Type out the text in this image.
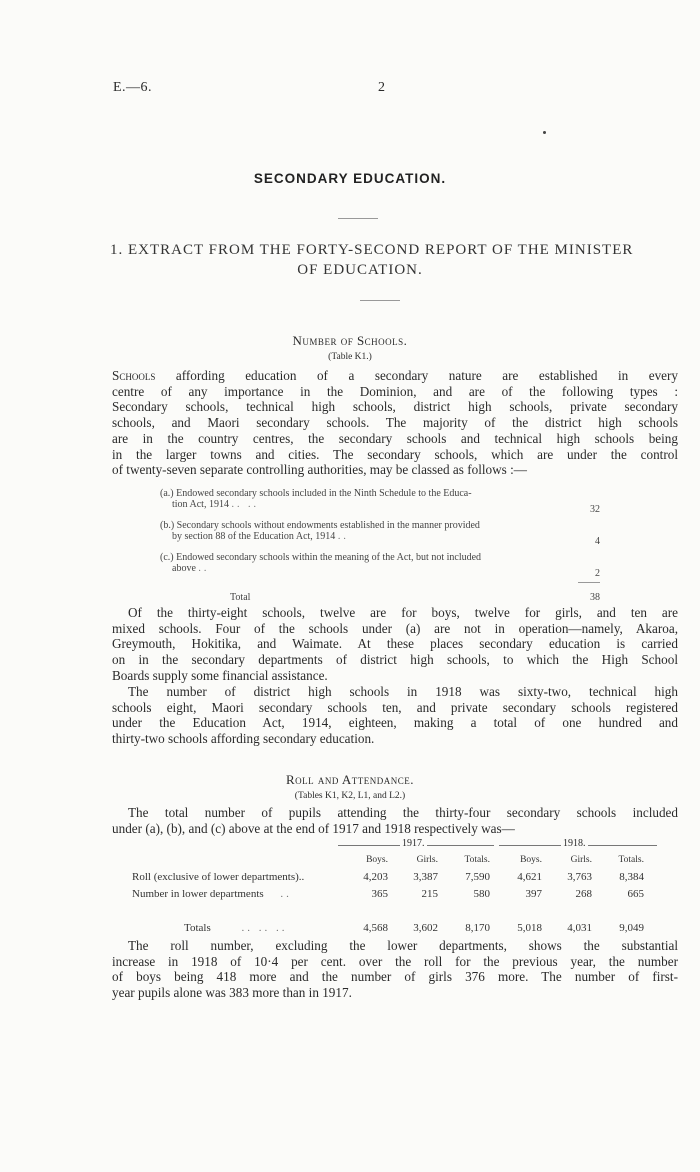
E.—6.	2
SECONDARY EDUCATION.
1. EXTRACT FROM THE FORTY-SECOND REPORT OF THE MINISTER
OF EDUCATION.
Number of Schools.
(Table K1.)
Schools affording education of a secondary nature are established in every
centre of any importance in the Dominion, and are of the following types :
Secondary schools, technical high schools, district high schools, private secondary
schools, and Maori secondary schools. The majority of the district high schools
are in the country centres, the secondary schools and technical high schools being
in the larger towns and cities. The secondary schools, which are under the control
of twenty-seven separate controlling authorities, may be classed as follows :—
(a.) Endowed secondary schools included in the Ninth Schedule to the Educa-
tion Act, 1914 .. ..	32
(b.) Secondary schools without endowments established in the manner provided
by section 88 of the Education Act, 1914 ..	4
(c.) Endowed secondary schools within the meaning of the Act, but not included
above ..	2
Total	38
Of the thirty-eight schools, twelve are for boys, twelve for girls, and ten are
mixed schools. Four of the schools under (a) are not in operation—namely, Akaroa,
Greymouth, Hokitika, and Waimate. At these places secondary education is carried
on in the secondary departments of district high schools, to which the High School
Boards supply some financial assistance.
The number of district high schools in 1918 was sixty-two, technical high
schools eight, Maori secondary schools ten, and private secondary schools registered
under the Education Act, 1914, eighteen, making a total of one hundred and
thirty-two schools affording secondary education.
Roll and Attendance.
(Tables K1, K2, L1, and L2.)
The total number of pupils attending the thirty-four secondary schools included
under (a), (b), and (c) above at the end of 1917 and 1918 respectively was—
1917.	1918.
	Boys.	Girls.	Totals.	Boys.	Girls.	Totals.
Roll (exclusive of lower departments)..	4,203	3,387	7,590	4,621	3,763	8,384
Number in lower departments ..	365	215	580	397	268	665

Totals .. .. ..	4,568	3,602	8,170	5,018	4,031	9,049
The roll number, excluding the lower departments, shows the substantial
increase in 1918 of 10·4 per cent. over the roll for the previous year, the number
of boys being 418 more and the number of girls 376 more. The number of first-
year pupils alone was 383 more than in 1917.
